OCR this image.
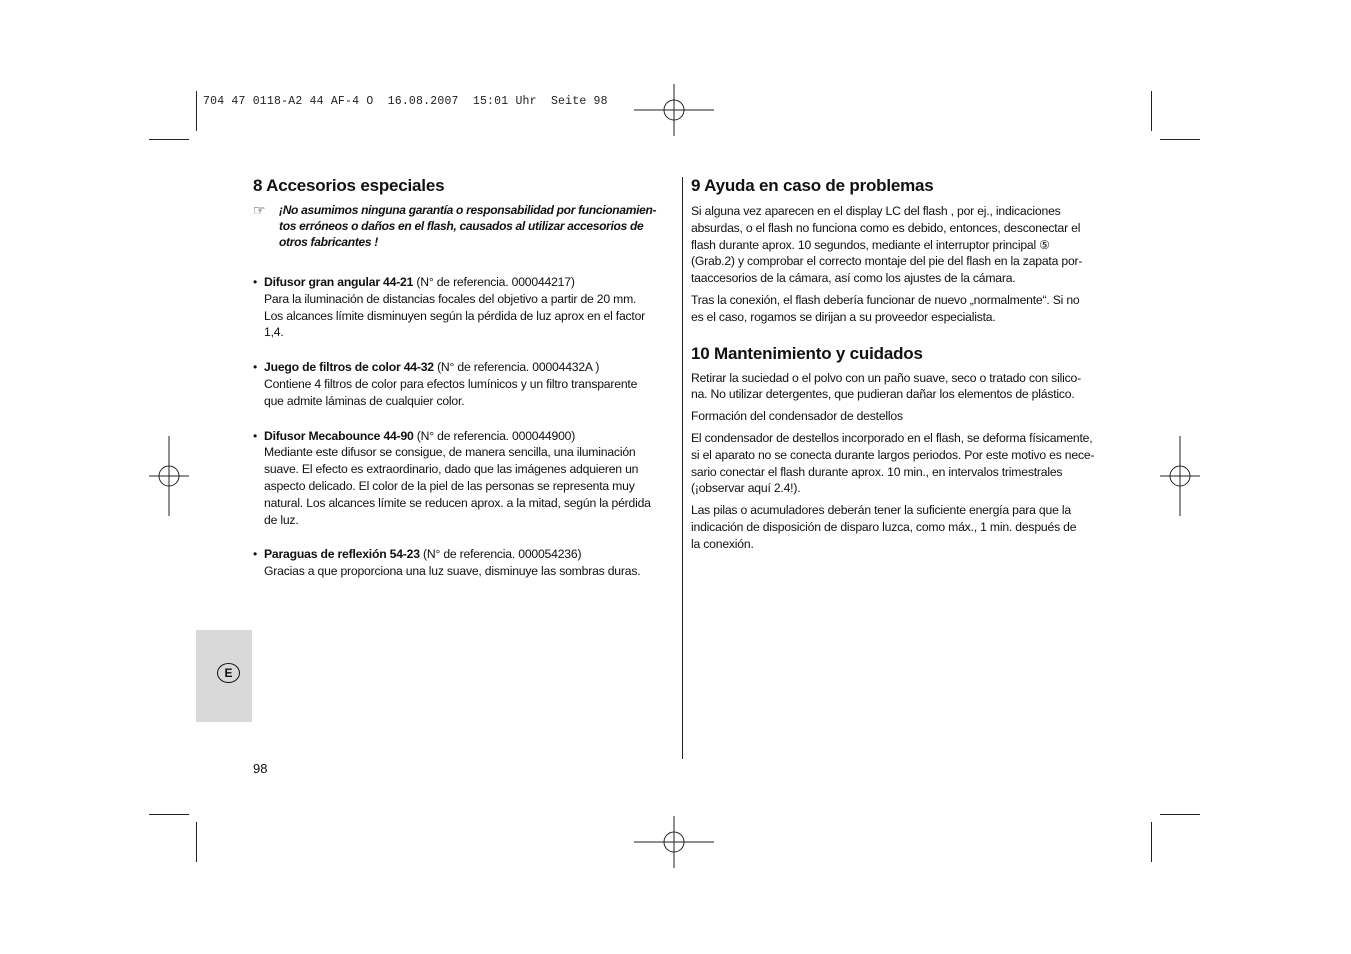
704 47 0118-A2 44 AF-4 O  16.08.2007  15:01 Uhr  Seite 98
8 Accesorios especiales
☞	¡No asumimos ninguna garantía o responsabilidad por funcionamien-
tos erróneos o daños en el flash, causados al utilizar accesorios de
otros fabricantes !
• Difusor gran angular 44-21 (N° de referencia. 000044217)
Para la iluminación de distancias focales del objetivo a partir de 20 mm.
Los alcances límite disminuyen según la pérdida de luz aprox en el factor
1,4.
• Juego de filtros de color 44-32 (N° de referencia. 00004432A )
Contiene 4 filtros de color para efectos lumínicos y un filtro transparente
que admite láminas de cualquier color.
• Difusor Mecabounce 44-90 (N° de referencia. 000044900)
Mediante este difusor se consigue, de manera sencilla, una iluminación
suave. El efecto es extraordinario, dado que las imágenes adquieren un
aspecto delicado. El color de la piel de las personas se representa muy
natural. Los alcances límite se reducen aprox. a la mitad, según la pérdida
de luz.
• Paraguas de reflexión 54-23 (N° de referencia. 000054236)
Gracias a que proporciona una luz suave, disminuye las sombras duras.
9 Ayuda en caso de problemas
Si alguna vez aparecen en el display LC del flash , por ej., indicaciones
absurdas, o el flash no funciona como es debido, entonces, desconectar el
flash durante aprox. 10 segundos, mediante el interruptor principal ⑤
(Grab.2) y comprobar el correcto montaje del pie del flash en la zapata por-
taaccesorios de la cámara, así como los ajustes de la cámara.
Tras la conexión, el flash debería funcionar de nuevo „normalmente“. Si no
es el caso, rogamos se dirijan a su proveedor especialista.
10 Mantenimiento y cuidados
Retirar la suciedad o el polvo con un paño suave, seco o tratado con silico-
na. No utilizar detergentes, que pudieran dañar los elementos de plástico.
Formación del condensador de destellos
El condensador de destellos incorporado en el flash, se deforma físicamente,
si el aparato no se conecta durante largos periodos. Por este motivo es nece-
sario conectar el flash durante aprox. 10 min., en intervalos trimestrales
(¡observar aquí 2.4!).
Las pilas o acumuladores deberán tener la suficiente energía para que la
indicación de disposición de disparo luzca, como máx., 1 min. después de
la conexión.
E
98
